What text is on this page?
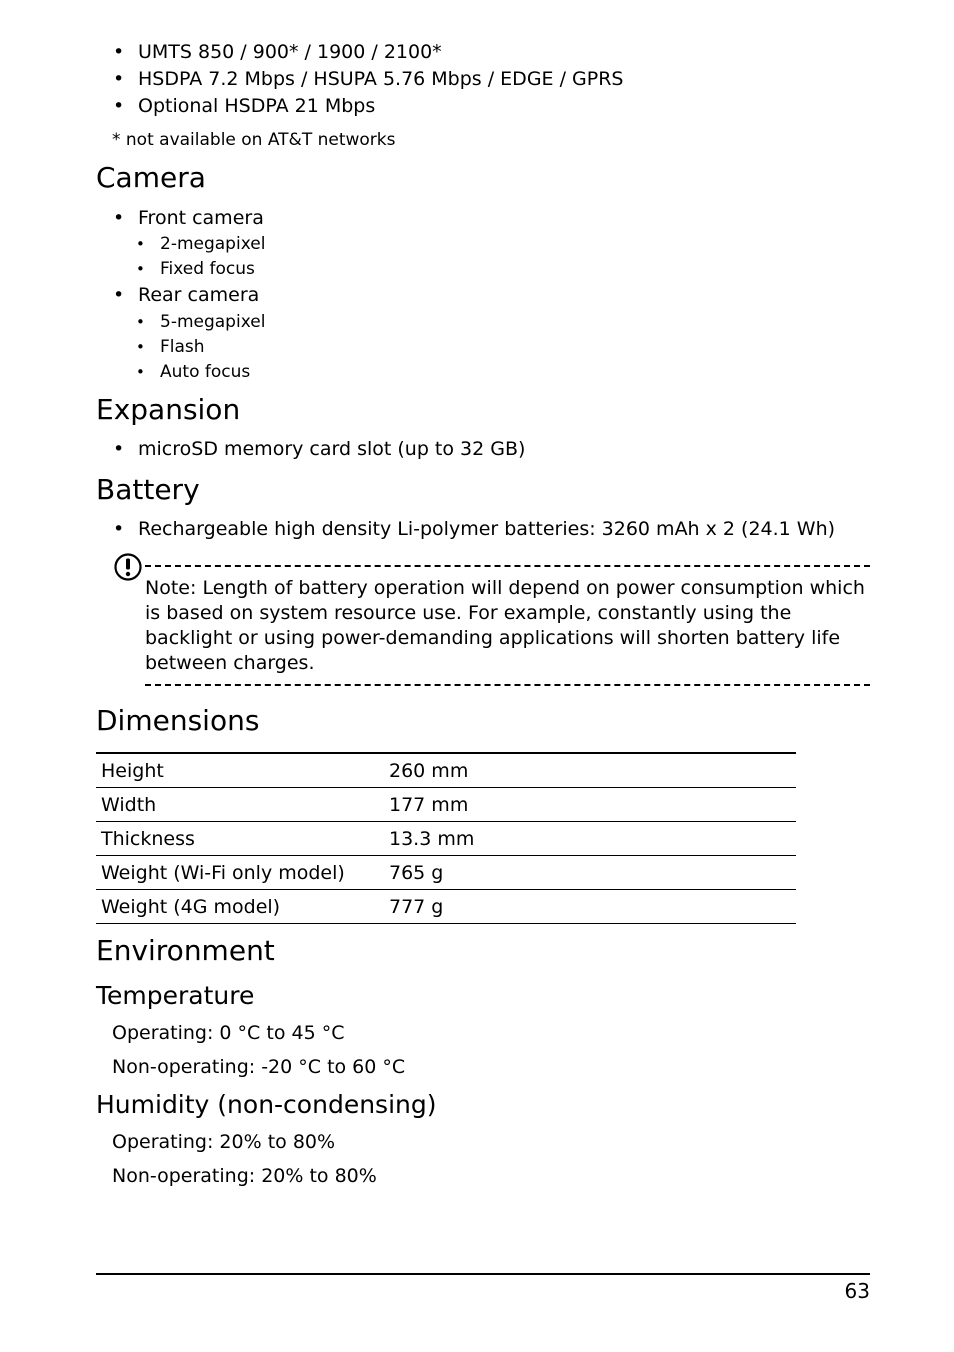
• UMTS 850 / 900* / 1900 / 2100*
• HSDPA 7.2 Mbps / HSUPA 5.76 Mbps / EDGE / GPRS
• Optional HSDPA 21 Mbps
* not available on AT&T networks
Camera
• Front camera
• 2-megapixel
• Fixed focus
• Rear camera
• 5-megapixel
• Flash
• Auto focus
Expansion
• microSD memory card slot (up to 32 GB)
Battery
• Rechargeable high density Li-polymer batteries: 3260 mAh x 2 (24.1 Wh)
Note: Length of battery operation will depend on power consumption which is based on system resource use. For example, constantly using the backlight or using power-demanding applications will shorten battery life between charges.
Dimensions
Height	260 mm
Width	177 mm
Thickness	13.3 mm
Weight (Wi-Fi only model)	765 g
Weight (4G model)	777 g
Environment
Temperature
Operating: 0 °C to 45 °C
Non-operating: -20 °C to 60 °C
Humidity (non-condensing)
Operating: 20% to 80%
Non-operating: 20% to 80%
63
